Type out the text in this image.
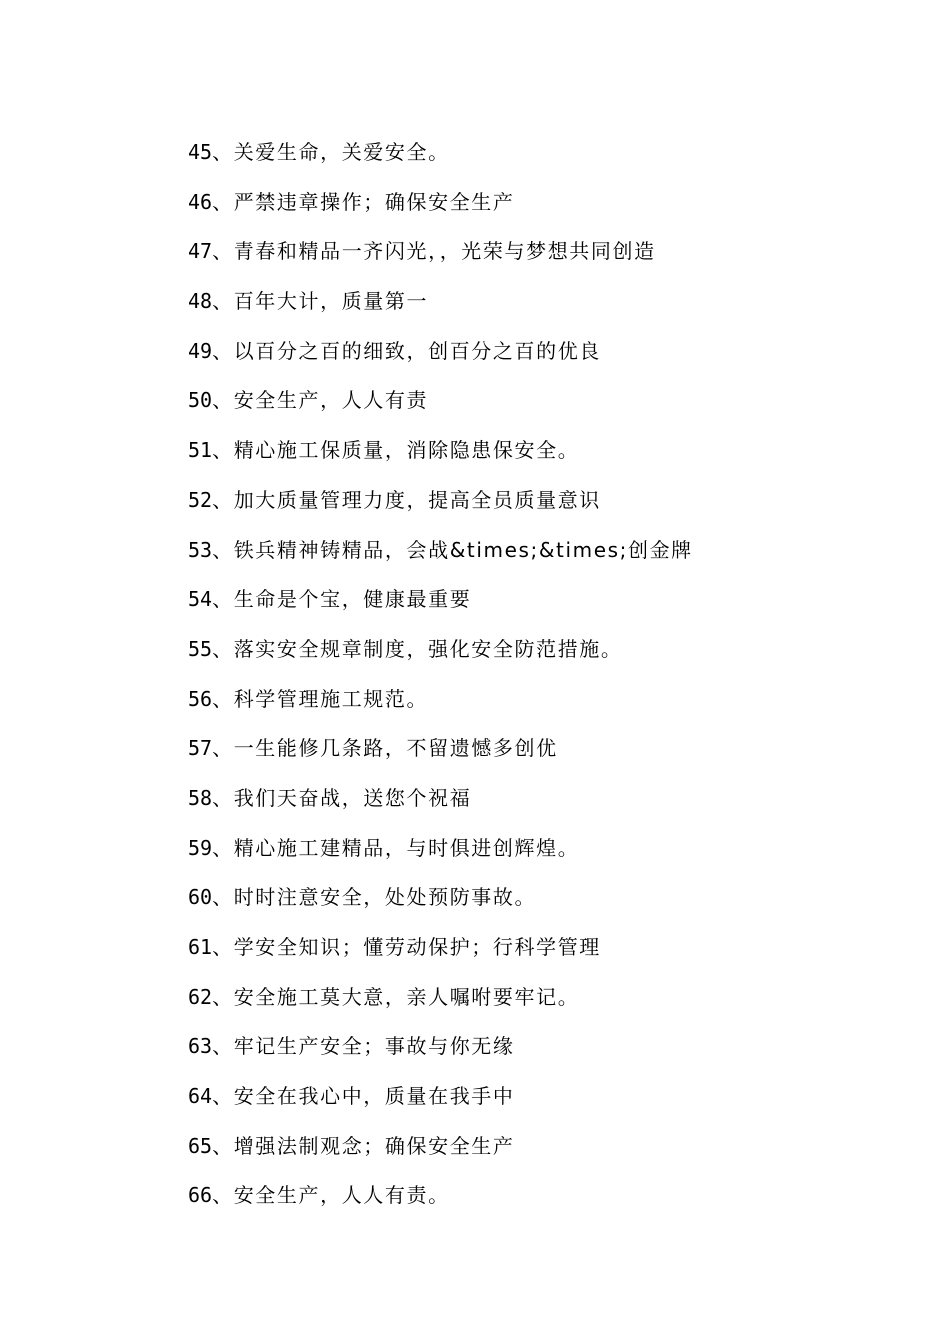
45、关爱生命，关爱安全。
46、严禁违章操作；确保安全生产
47、青春和精品一齐闪光，，光荣与梦想共同创造
48、百年大计，质量第一
49、以百分之百的细致，创百分之百的优良
50、安全生产，人人有责
51、精心施工保质量，消除隐患保安全。
52、加大质量管理力度，提高全员质量意识
53、铁兵精神铸精品，会战&times;&times;创金牌
54、生命是个宝，健康最重要
55、落实安全规章制度，强化安全防范措施。
56、科学管理施工规范。
57、一生能修几条路，不留遗憾多创优
58、我们天奋战，送您个祝福
59、精心施工建精品，与时俱进创辉煌。
60、时时注意安全，处处预防事故。
61、学安全知识；懂劳动保护；行科学管理
62、安全施工莫大意，亲人嘱咐要牢记。
63、牢记生产安全；事故与你无缘
64、安全在我心中，质量在我手中
65、增强法制观念；确保安全生产
66、安全生产，人人有责。
